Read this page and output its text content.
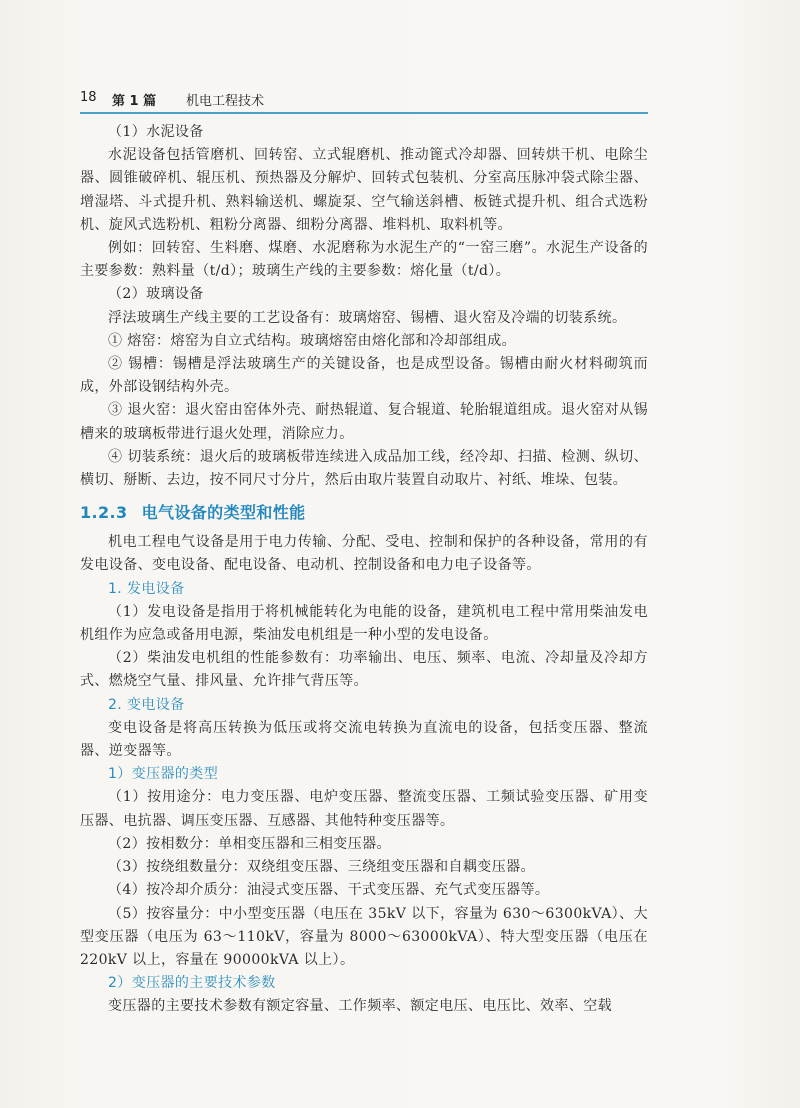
18 第 1 篇 机电工程技术

（1）水泥设备

水泥设备包括管磨机、回转窑、立式辊磨机、推动篦式冷却器、回转烘干机、电除尘器、圆锥破碎机、辊压机、预热器及分解炉、回转式包装机、分室高压脉冲袋式除尘器、增湿塔、斗式提升机、熟料输送机、螺旋泵、空气输送斜槽、板链式提升机、组合式选粉机、旋风式选粉机、粗粉分离器、细粉分离器、堆料机、取料机等。

例如：回转窑、生料磨、煤磨、水泥磨称为水泥生产的“一窑三磨”。水泥生产设备的主要参数：熟料量（t/d）；玻璃生产线的主要参数：熔化量（t/d）。

（2）玻璃设备

浮法玻璃生产线主要的工艺设备有：玻璃熔窑、锡槽、退火窑及冷端的切装系统。

① 熔窑：熔窑为自立式结构。玻璃熔窑由熔化部和冷却部组成。

② 锡槽：锡槽是浮法玻璃生产的关键设备，也是成型设备。锡槽由耐火材料砌筑而成，外部设钢结构外壳。

③ 退火窑：退火窑由窑体外壳、耐热辊道、复合辊道、轮胎辊道组成。退火窑对从锡槽来的玻璃板带进行退火处理，消除应力。

④ 切装系统：退火后的玻璃板带连续进入成品加工线，经冷却、扫描、检测、纵切、横切、掰断、去边，按不同尺寸分片，然后由取片装置自动取片、衬纸、堆垛、包装。

1.2.3 电气设备的类型和性能

机电工程电气设备是用于电力传输、分配、受电、控制和保护的各种设备，常用的有发电设备、变电设备、配电设备、电动机、控制设备和电力电子设备等。

1. 发电设备

（1）发电设备是指用于将机械能转化为电能的设备，建筑机电工程中常用柴油发电机组作为应急或备用电源，柴油发电机组是一种小型的发电设备。

（2）柴油发电机组的性能参数有：功率输出、电压、频率、电流、冷却量及冷却方式、燃烧空气量、排风量、允许排气背压等。

2. 变电设备

变电设备是将高压转换为低压或将交流电转换为直流电的设备，包括变压器、整流器、逆变器等。

1）变压器的类型

（1）按用途分：电力变压器、电炉变压器、整流变压器、工频试验变压器、矿用变压器、电抗器、调压变压器、互感器、其他特种变压器等。

（2）按相数分：单相变压器和三相变压器。

（3）按绕组数量分：双绕组变压器、三绕组变压器和自耦变压器。

（4）按冷却介质分：油浸式变压器、干式变压器、充气式变压器等。

（5）按容量分：中小型变压器（电压在 35kV 以下，容量为 630～6300kVA）、大型变压器（电压为 63～110kV，容量为 8000～63000kVA）、特大型变压器（电压在 220kV 以上，容量在 90000kVA 以上）。

2）变压器的主要技术参数

变压器的主要技术参数有额定容量、工作频率、额定电压、电压比、效率、空载
